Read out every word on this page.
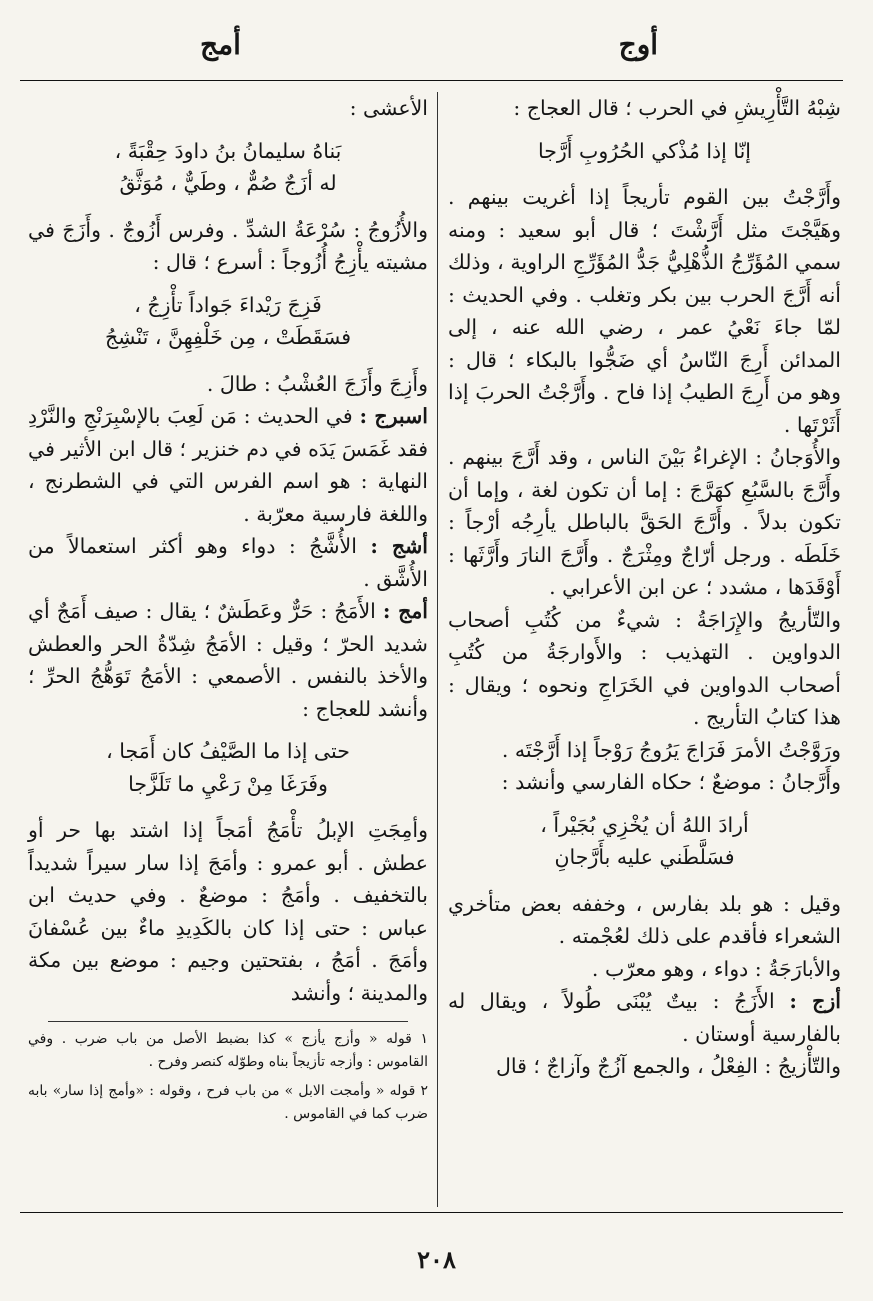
أوج
أمج

شِبْهُ التَّأْرِيشِ في الحرب ؛ قال العجاج :

إنّا إذا مُذْكي الحُرُوبِ أَرَّجا

وأَرَّجْتُ بين القوم تأريجاً إذا أغريت بينهم . وهَيَّجْتَ مثل أَرَّشْتَ ؛ قال أبو سعيد : ومنه سمي المُؤَرِّجُ الذُّهْلِيُّ جَدُّ المُؤَرِّجِ الراوية ، وذلك أنه أَرَّجَ الحرب بين بكر وتغلب . وفي الحديث : لمّا جاءَ نَعْيُ عمر ، رضي الله عنه ، إلى المدائن أَرِجَ النّاسُ أي ضَجُّوا بالبكاء ؛ قال : وهو من أَرِجَ الطيبُ إذا فاح . وأَرَّجْتُ الحربَ إذا أَثَرْتَها .

والأُوَجانُ : الإغراءُ بَيْنَ الناس ، وقد أَرَّجَ بينهم . وأَرَّجَ بالسَّبُعِ كهَرَّجَ : إما أن تكون لغة ، وإما أن تكون بدلاً . وأَرَّجَ الحَقَّ بالباطل يأرِجُه أرْجاً : خَلَطَه . ورجل أرّاجٌ ومِثْرَجٌ . وأَرَّجَ النارَ وأَرَّثَها : أَوْقَدَها ، مشدد ؛ عن ابن الأعرابي .

والتّأريجُ والإِرَاجَةُ : شيءٌ من كُتُبِ أصحاب الدواوين . التهذيب : والأَوارجَةُ من كُتُبِ أصحاب الدواوين في الخَرَاجِ ونحوه ؛ ويقال : هذا كتابُ التأريج .

ورَوَّجْتُ الأمرَ فَرَاجَ يَرُوجُ رَوْجاً إذا أَرَّجْتَه .

وأَرَّجانُ : موضعٌ ؛ حكاه الفارسي وأنشد :

أرادَ اللهُ أن يُخْزِي بُجَيْراً ،
فسَلَّطَني عليه بأَرَّجانِ

وقيل : هو بلد بفارس ، وخففه بعض متأخري الشعراء فأقدم على ذلك لعُجْمته .

والأبارَجَةُ : دواء ، وهو معرّب .

أزج : الأَزَجُ : بيتٌ يُبْنَى طُولاً ، ويقال له بالفارسية أوستان .

والتّأْزيجُ : الفِعْلُ ، والجمع آزُجٌ وآزاجٌ ؛ قال

الأعشى :

بَناهُ سليمانُ بنُ داودَ حِقْبَةً ،
له أزَجٌ صُمٌّ ، وطَيٌّ ، مُوَثَّقُ

والأُزُوجُ : سُرْعَةُ الشدِّ . وفرس أَزُوجٌ . وأَزَجَ في مشيته يأْزِجُ أُزُوجاً : أسرع ؛ قال :

فَزِجَ رَيْداءَ جَواداً تأْزِجُ ،
فسَقَطَتْ ، مِن خَلْفِهِنَّ ، تَنْشِجُ

وأَزِجَ وأَزَجَ العُشْبُ : طالَ .

اسبرج : في الحديث : مَن لَعِبَ بالإسْبِرَنْجِ والنَّرْدِ فقد غَمَسَ يَدَه في دم خنزير ؛ قال ابن الأثير في النهاية : هو اسم الفرس التي في الشطرنج ، واللغة فارسية معرّبة .

أشج : الأُشَّجُ : دواء وهو أكثر استعمالاً من الأُشَّق .

أمج : الأَمَجُ : حَرٌّ وعَطَشٌ ؛ يقال : صيف أَمَجٌ أي شديد الحرّ ؛ وقيل : الأمَجُ شِدّةُ الحر والعطش والأخذ بالنفس . الأصمعي : الأمَجُ تَوَهُّجُ الحرِّ ؛ وأنشد للعجاج :

حتى إذا ما الصَّيْفُ كان أَمَجا ،
وفَرَغَا مِنْ رَعْيِ ما تَلَزَّجا

وأمِجَتِ الإبلُ تأْمَجُ أمَجاً إذا اشتد بها حر أو عطش . أبو عمرو : وأمَجَ إذا سار سيراً شديداً بالتخفيف . وأمَجُ : موضعٌ . وفي حديث ابن عباس : حتى إذا كان بالكَدِيدِ ماءٌ بين عُسْفانَ وأمَجَ . أمَجُ ، بفتحتين وجيم : موضع بين مكة والمدينة ؛ وأنشد

١ قوله « وأزج يأزج » كذا بضبط الأصل من باب ضرب . وفي القاموس : وأزجه تأزيجاً بناه وطوّله كنصر وفرح .

٢ قوله « وأمجت الابل » من باب فرح ، وقوله : «وأمج إذا سار» بابه ضرب كما في القاموس .

٢٠٨
